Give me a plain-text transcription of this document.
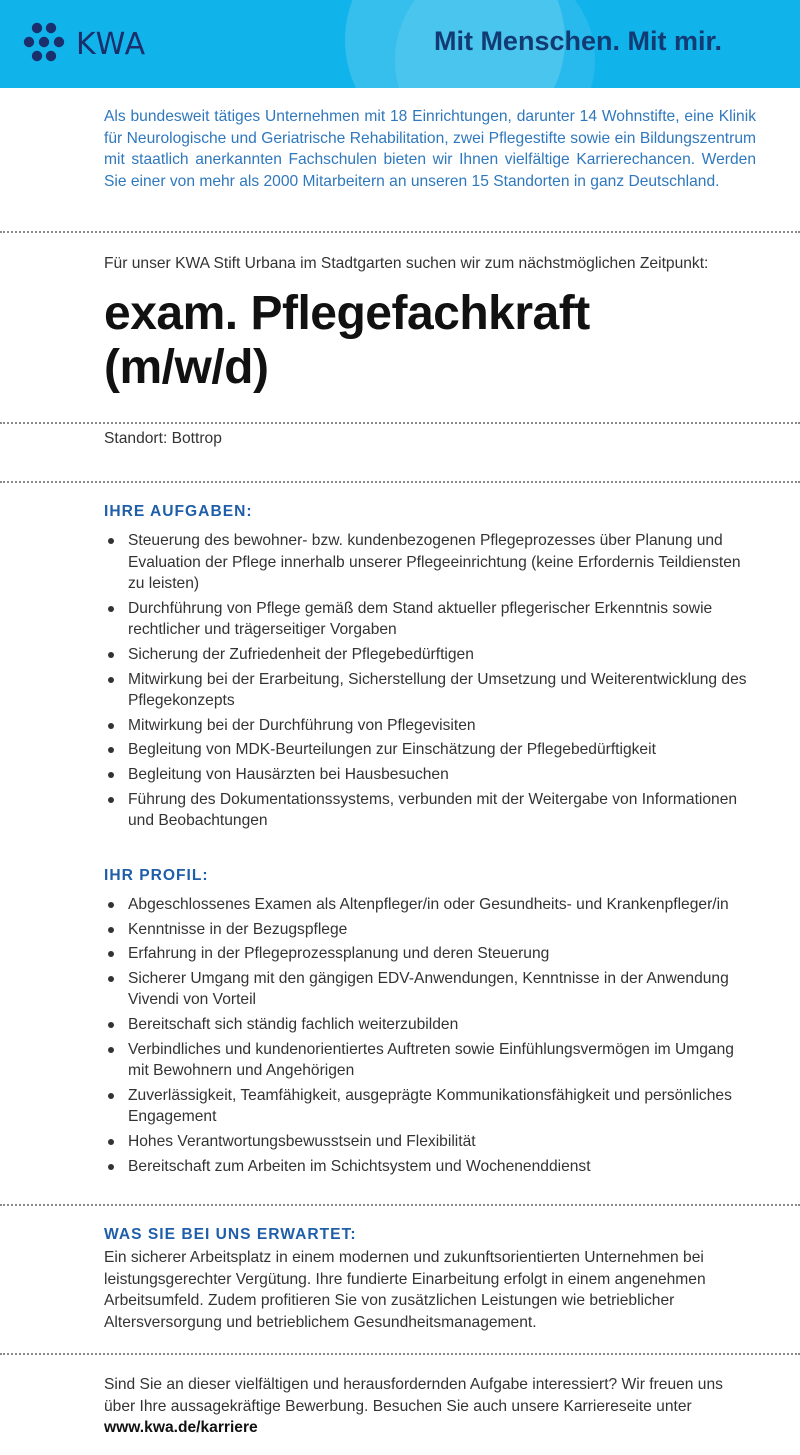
KWA	Mit Menschen. Mit mir.
Als bundesweit tätiges Unternehmen mit 18 Einrichtungen, darunter 14 Wohnstifte, eine Klinik für Neurologische und Geriatrische Rehabilitation, zwei Pflegestifte sowie ein Bildungszentrum mit staatlich anerkannten Fachschulen bieten wir Ihnen vielfältige Karrierechancen. Werden Sie einer von mehr als 2000 Mitarbeitern an unseren 15 Standorten in ganz Deutschland.
Für unser KWA Stift Urbana im Stadtgarten suchen wir zum nächstmöglichen Zeitpunkt:
exam. Pflegefachkraft
(m/w/d)
Standort: Bottrop
IHRE AUFGABEN:
Steuerung des bewohner- bzw. kundenbezogenen Pflegeprozesses über Planung und Evaluation der Pflege innerhalb unserer Pflegeeinrichtung (keine Erfordernis Teildiensten zu leisten)
Durchführung von Pflege gemäß dem Stand aktueller pflegerischer Erkenntnis sowie rechtlicher und trägerseitiger Vorgaben
Sicherung der Zufriedenheit der Pflegebedürftigen
Mitwirkung bei der Erarbeitung, Sicherstellung der Umsetzung und Weiterentwicklung des Pflegekonzepts
Mitwirkung bei der Durchführung von Pflegevisiten
Begleitung von MDK-Beurteilungen zur Einschätzung der Pflegebedürftigkeit
Begleitung von Hausärzten bei Hausbesuchen
Führung des Dokumentationssystems, verbunden mit der Weitergabe von Informationen und Beobachtungen
IHR PROFIL:
Abgeschlossenes Examen als Altenpfleger/in oder Gesundheits- und Krankenpfleger/in
Kenntnisse in der Bezugspflege
Erfahrung in der Pflegeprozessplanung und deren Steuerung
Sicherer Umgang mit den gängigen EDV-Anwendungen, Kenntnisse in der Anwendung Vivendi von Vorteil
Bereitschaft sich ständig fachlich weiterzubilden
Verbindliches und kundenorientiertes Auftreten sowie Einfühlungsvermögen im Umgang mit Bewohnern und Angehörigen
Zuverlässigkeit, Teamfähigkeit, ausgeprägte Kommunikationsfähigkeit und persönliches Engagement
Hohes Verantwortungsbewusstsein und Flexibilität
Bereitschaft zum Arbeiten im Schichtsystem und Wochenenddienst
WAS SIE BEI UNS ERWARTET:
Ein sicherer Arbeitsplatz in einem modernen und zukunftsorientierten Unternehmen bei leistungsgerechter Vergütung. Ihre fundierte Einarbeitung erfolgt in einem angenehmen Arbeitsumfeld. Zudem profitieren Sie von zusätzlichen Leistungen wie betrieblicher Altersversorgung und betrieblichem Gesundheitsmanagement.
Sind Sie an dieser vielfältigen und herausfordernden Aufgabe interessiert? Wir freuen uns über Ihre aussagekräftige Bewerbung. Besuchen Sie auch unsere Karriereseite unter
www.kwa.de/karriere
